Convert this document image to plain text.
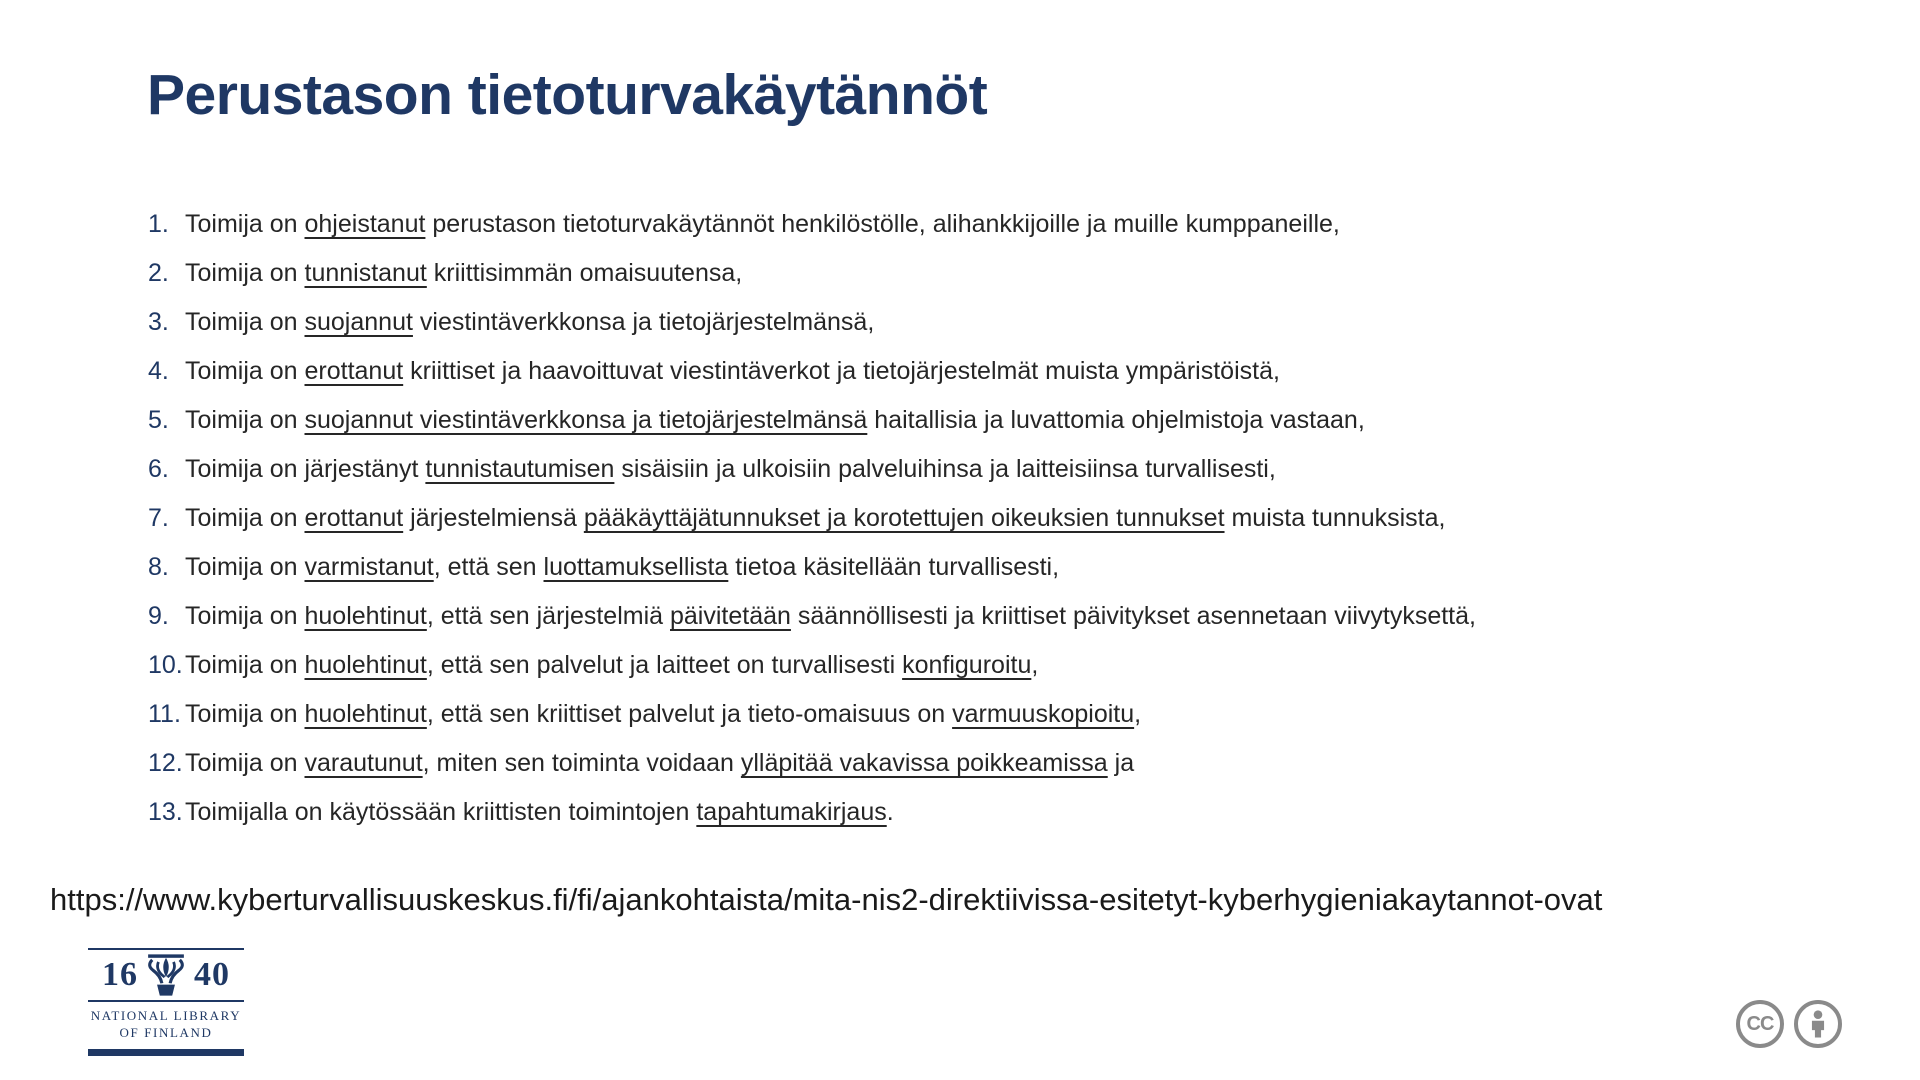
Perustason tietoturvakäytännöt
1. Toimija on ohjeistanut perustason tietoturvakäytännöt henkilöstölle, alihankkijoille ja muille kumppaneille,
2. Toimija on tunnistanut kriittisimmän omaisuutensa,
3. Toimija on suojannut viestintäverkkonsa ja tietojärjestelmänsä,
4. Toimija on erottanut kriittiset ja haavoittuvat viestintäverkot ja tietojärjestelmät muista ympäristöistä,
5. Toimija on suojannut viestintäverkkonsa ja tietojärjestelmänsä haitallisia ja luvattomia ohjelmistoja vastaan,
6. Toimija on järjestänyt tunnistautumisen sisäisiin ja ulkoisiin palveluihinsa ja laitteisiinsa turvallisesti,
7. Toimija on erottanut järjestelmiensä pääkäyttäjätunnukset ja korotettujen oikeuksien tunnukset muista tunnuksista,
8. Toimija on varmistanut, että sen luottamuksellista tietoa käsitellään turvallisesti,
9. Toimija on huolehtinut, että sen järjestelmiä päivitetään säännöllisesti ja kriittiset päivitykset asennetaan viivytyksettä,
10.Toimija on huolehtinut, että sen palvelut ja laitteet on turvallisesti konfiguroitu,
11. Toimija on huolehtinut, että sen kriittiset palvelut ja tieto-omaisuus on varmuuskopioitu,
12.Toimija on varautunut, miten sen toiminta voidaan ylläpitää vakavissa poikkeamissa ja
13.Toimijalla on käytössään kriittisten toimintojen tapahtumakirjaus.
https://www.kyberturvallisuuskeskus.fi/fi/ajankohtaista/mita-nis2-direktiivissa-esitetyt-kyberhygieniakaytannot-ovat
16 40
NATIONAL LIBRARY
OF FINLAND	CC
